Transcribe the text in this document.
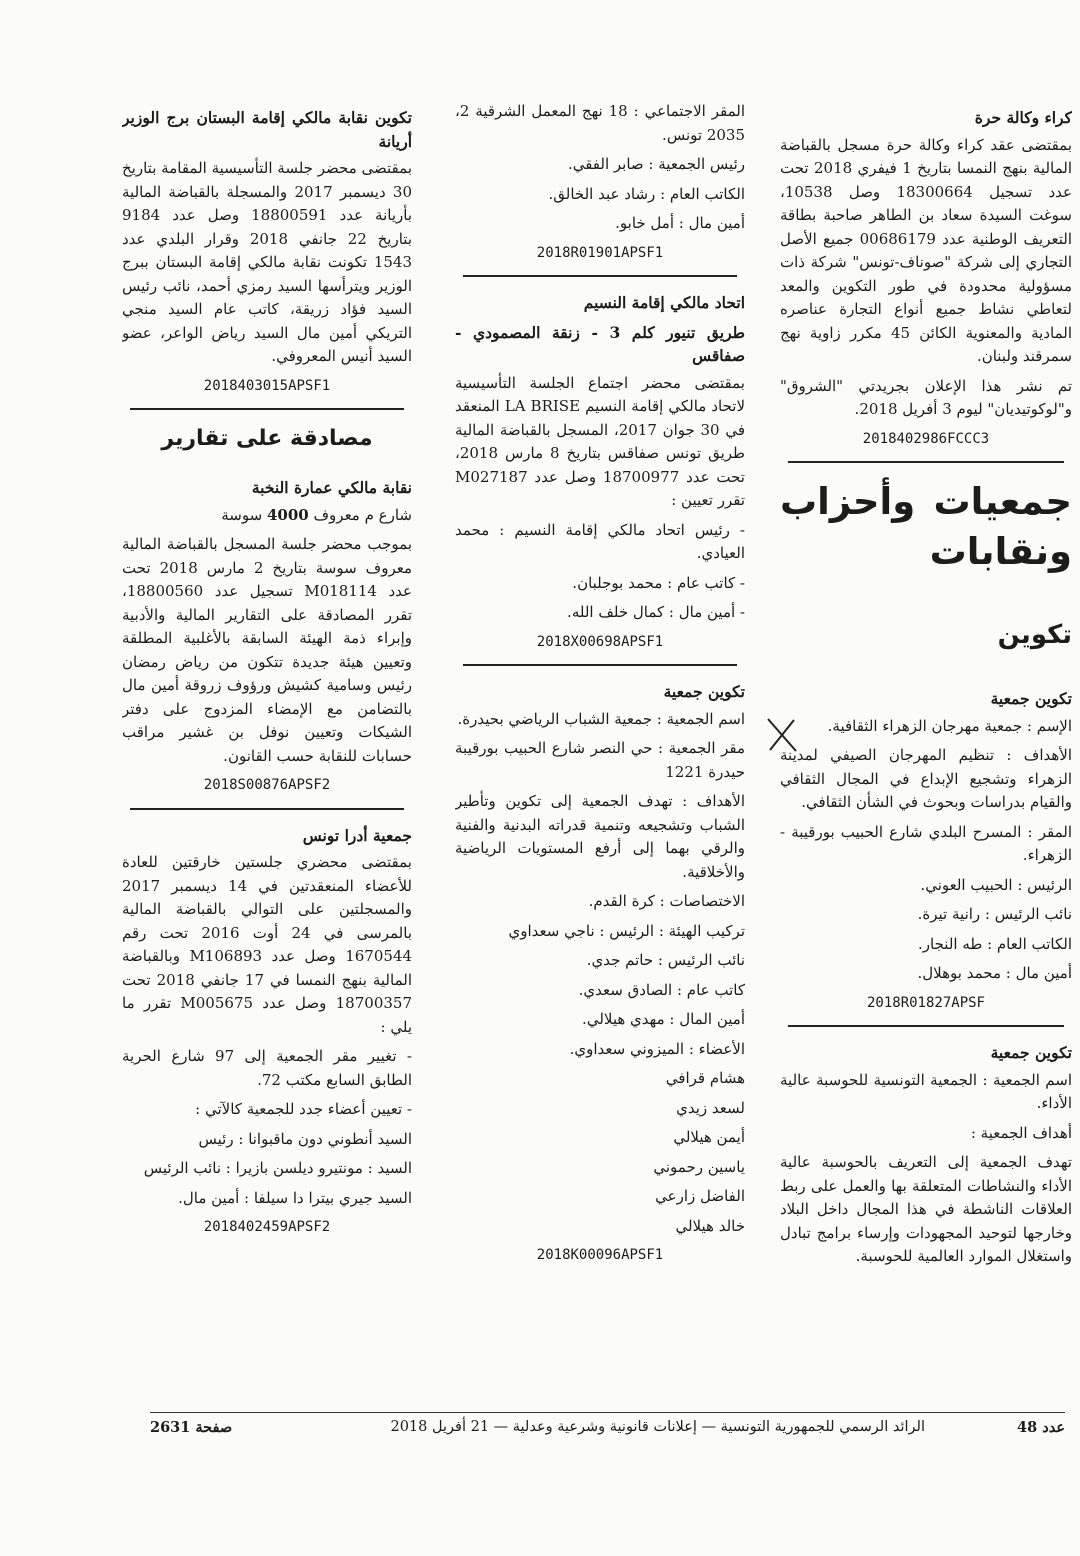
كراء وكالة حرة
بمقتضى عقد كراء وكالة حرة مسجل بالقباضة المالية بنهج النمسا بتاريخ 1 فيفري 2018 تحت عدد تسجيل 18300664 وصل 10538، سوغت السيدة سعاد بن الطاهر صاحبة بطاقة التعريف الوطنية عدد 00686179 جميع الأصل التجاري إلى شركة "صوناف-تونس" شركة ذات مسؤولية محدودة في طور التكوين والمعد لتعاطي نشاط جميع أنواع التجارة عناصره المادية والمعنوية الكائن 45 مكرر زاوية نهج سمرقند ولبنان.
تم نشر هذا الإعلان بجريدتي "الشروق" و"لوكوتيديان" ليوم 3 أفريل 2018.
2018402986FCCC3
جمعيات وأحزاب ونقابات
تكوين
تكوين جمعية
الإسم : جمعية مهرجان الزهراء الثقافية.
الأهداف : تنظيم المهرجان الصيفي لمدينة الزهراء وتشجيع الإبداع في المجال الثقافي والقيام بدراسات وبحوث في الشأن الثقافي.
المقر : المسرح البلدي شارع الحبيب بورقيبة - الزهراء.
الرئيس : الحبيب العوني.
نائب الرئيس : رانية تيرة.
الكاتب العام : طه النجار.
أمين مال : محمد بوهلال.
2018R01827APSF
تكوين جمعية
اسم الجمعية : الجمعية التونسية للحوسبة عالية الأداء.
أهداف الجمعية :
تهدف الجمعية إلى التعريف بالحوسبة عالية الأداء والنشاطات المتعلقة بها والعمل على ربط العلاقات الناشطة في هذا المجال داخل البلاد وخارجها لتوحيد المجهودات وإرساء برامج تبادل واستغلال الموارد العالمية للحوسبة.
المقر الاجتماعي : 18 نهج المعمل الشرقية 2، 2035 تونس.
رئيس الجمعية : صابر الفقي.
الكاتب العام : رشاد عبد الخالق.
أمين مال : أمل خابو.
2018R01901APSF1
اتحاد مالكي إقامة النسيم
طريق تنيور كلم 3 - زنقة المصمودي - صفاقس
بمقتضى محضر اجتماع الجلسة التأسيسية لاتحاد مالكي إقامة النسيم LA BRISE المنعقد في 30 جوان 2017، المسجل بالقباضة المالية طريق تونس صفاقس بتاريخ 8 مارس 2018، تحت عدد 18700977 وصل عدد M027187 تقرر تعيين :
- رئيس اتحاد مالكي إقامة النسيم : محمد العيادي.
- كاتب عام : محمد بوجلبان.
- أمين مال : كمال خلف الله.
2018X00698APSF1
تكوين جمعية
اسم الجمعية : جمعية الشباب الرياضي بحيدرة.
مقر الجمعية : حي النصر شارع الحبيب بورقيبة حيدرة 1221
الأهداف : تهدف الجمعية إلى تكوين وتأطير الشباب وتشجيعه وتنمية قدراته البدنية والفنية والرقي بهما إلى أرفع المستويات الرياضية والأخلاقية.
الاختصاصات : كرة القدم.
تركيب الهيئة : الرئيس : ناجي سعداوي
نائب الرئيس : حاتم جدي.
كاتب عام : الصادق سعدي.
أمين المال : مهدي هيلالي.
الأعضاء : الميزوني سعداوي.
هشام قرافي
لسعد زيدي
أيمن هيلالي
ياسين رحموني
الفاضل زارعي
خالد هيلالي
2018K00096APSF1
تكوين نقابة مالكي إقامة البستان برج الوزير أريانة
بمقتضى محضر جلسة التأسيسية المقامة بتاريخ 30 ديسمبر 2017 والمسجلة بالقباضة المالية بأريانة عدد 18800591 وصل عدد 9184 بتاريخ 22 جانفي 2018 وقرار البلدي عدد 1543 تكونت نقابة مالكي إقامة البستان ببرج الوزير ويترأسها السيد رمزي أحمد، نائب رئيس السيد فؤاد زريقة، كاتب عام السيد منجي التريكي أمين مال السيد رياض الواعر، عضو السيد أنيس المعروفي.
2018403015APSF1
مصادقة على تقارير
نقابة مالكي عمارة النخبة
شارع م معروف 4000 سوسة
بموجب محضر جلسة المسجل بالقباضة المالية معروف سوسة بتاريخ 2 مارس 2018 تحت عدد M018114 تسجيل عدد 18800560، تقرر المصادقة على التقارير المالية والأدبية وإبراء ذمة الهيئة السابقة بالأغلبية المطلقة وتعيين هيئة جديدة تتكون من رياض رمضان رئيس وسامية كشيش ورؤوف زروقة أمين مال بالتضامن مع الإمضاء المزدوج على دفتر الشيكات وتعيين نوفل بن غشير مراقب حسابات للنقابة حسب القانون.
2018S00876APSF2
جمعية أدرا تونس
بمقتضى محضري جلستين خارقتين للعادة للأعضاء المنعقدتين في 14 ديسمبر 2017 والمسجلتين على التوالي بالقباضة المالية بالمرسى في 24 أوت 2016 تحت رقم 1670544 وصل عدد M106893 وبالقباضة المالية بنهج النمسا في 17 جانفي 2018 تحت 18700357 وصل عدد M005675 تقرر ما يلي :
- تغيير مقر الجمعية إلى 97 شارع الحرية الطابق السابع مكتب 72.
- تعيين أعضاء جدد للجمعية كالآتي :
السيد أنطوني دون ماقبوانا : رئيس
السيد : مونتيرو ديلسن بازيرا : نائب الرئيس
السيد جيري بيترا دا سيلفا : أمين مال.
2018402459APSF2
عدد 48
الرائد الرسمي للجمهورية التونسية — إعلانات قانونية وشرعية وعدلية — 21 أفريل 2018
صفحة 2631
